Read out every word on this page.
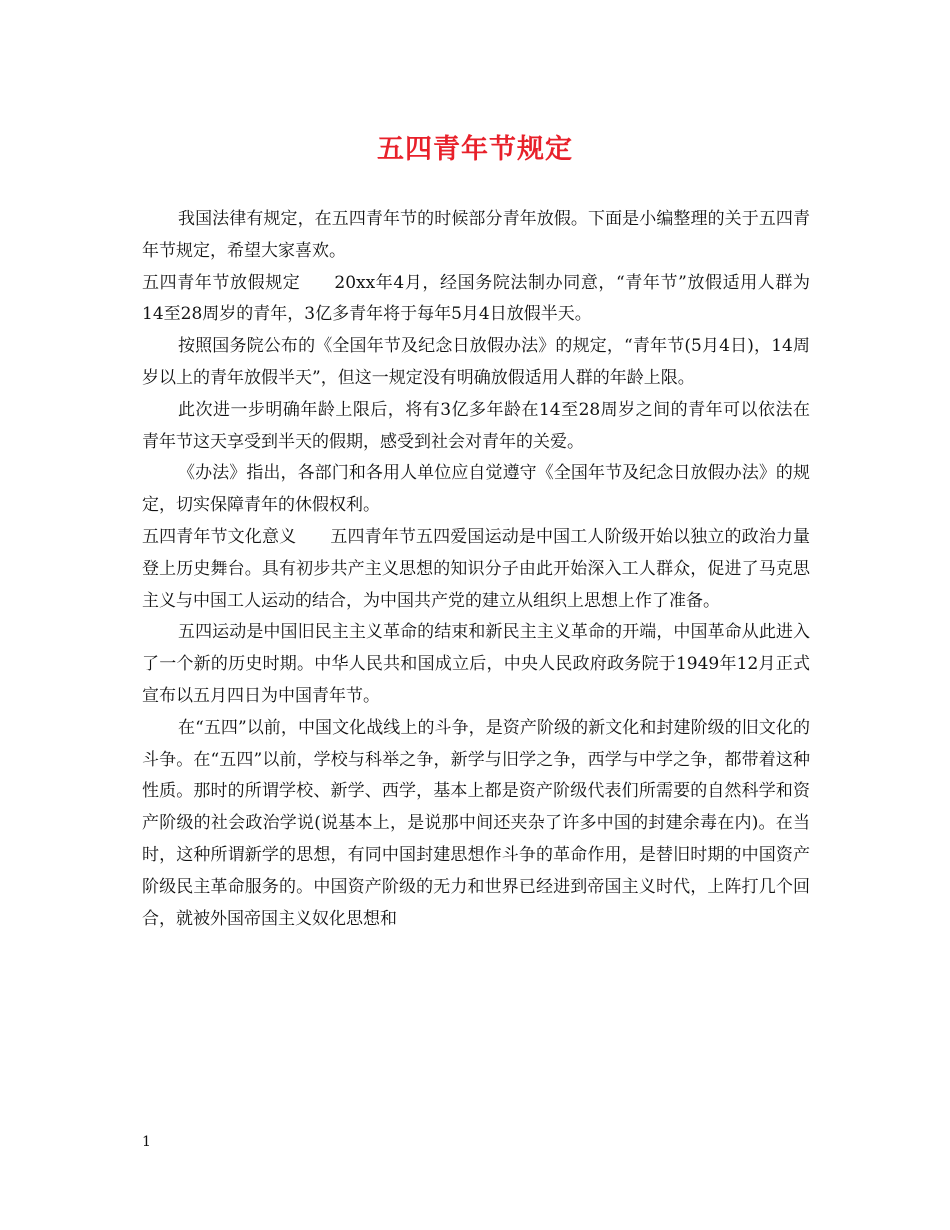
五四青年节规定

我国法律有规定，在五四青年节的时候部分青年放假。下面是小编整理的关于五四青年节规定，希望大家喜欢。

五四青年节放假规定 20xx年4月，经国务院法制办同意，“青年节”放假适用人群为14至28周岁的青年，3亿多青年将于每年5月4日放假半天。

按照国务院公布的《全国年节及纪念日放假办法》的规定，“青年节(5月4日)，14周岁以上的青年放假半天”，但这一规定没有明确放假适用人群的年龄上限。

此次进一步明确年龄上限后，将有3亿多年龄在14至28周岁之间的青年可以依法在青年节这天享受到半天的假期，感受到社会对青年的关爱。

《办法》指出，各部门和各用人单位应自觉遵守《全国年节及纪念日放假办法》的规定，切实保障青年的休假权利。

五四青年节文化意义 五四青年节五四爱国运动是中国工人阶级开始以独立的政治力量登上历史舞台。具有初步共产主义思想的知识分子由此开始深入工人群众，促进了马克思主义与中国工人运动的结合，为中国共产党的建立从组织上思想上作了准备。

五四运动是中国旧民主主义革命的结束和新民主主义革命的开端，中国革命从此进入了一个新的历史时期。中华人民共和国成立后，中央人民政府政务院于1949年12月正式宣布以五月四日为中国青年节。

在“五四”以前，中国文化战线上的斗争，是资产阶级的新文化和封建阶级的旧文化的斗争。在“五四”以前，学校与科举之争，新学与旧学之争，西学与中学之争，都带着这种性质。那时的所谓学校、新学、西学，基本上都是资产阶级代表们所需要的自然科学和资产阶级的社会政治学说(说基本上，是说那中间还夹杂了许多中国的封建余毒在内)。在当时，这种所谓新学的思想，有同中国封建思想作斗争的革命作用，是替旧时期的中国资产阶级民主革命服务的。中国资产阶级的无力和世界已经进到帝国主义时代，上阵打几个回合，就被外国帝国主义奴化思想和

1
